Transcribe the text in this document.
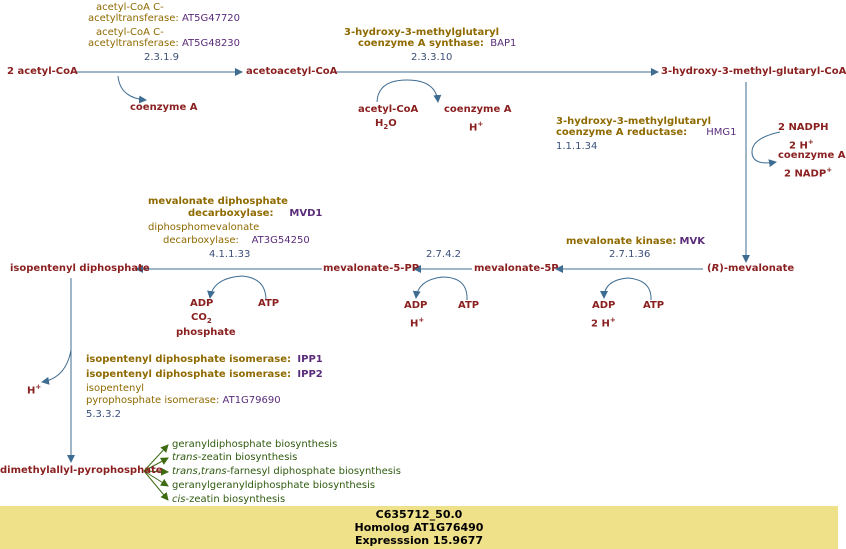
2 acetyl-CoA	acetoacetyl-CoA	3-hydroxy-3-methyl-glutaryl-CoA
coenzyme A	acetyl-CoA
$H_2O$
coenzyme A
H+	2 NADPH
2 H+
coenzyme A
2 NADP+
(R)-mevalonate
mevalonate-5P
mevalonate-5-PP
isopentenyl diphosphate
ADP
2 H+
ATP
ADP
H+
ATP
ADP
$CO_2$
phosphate
ATP
H+
dimethylallyl-pyrophosphate
acetyl-CoA C-
acetyltransferase: AT5G47720
acetyl-CoA C-
acetyltransferase: AT5G48230
2.3.1.9
3-hydroxy-3-methylglutaryl
coenzyme A synthase: BAP1
2.3.3.10
3-hydroxy-3-methylglutaryl
coenzyme A reductase: HMG1
1.1.1.34
mevalonate kinase: MVK
2.7.1.36
2.7.4.2
mevalonate diphosphate
decarboxylase: MVD1
diphosphomevalonate
decarboxylase: AT3G54250
4.1.1.33
isopentenyl diphosphate isomerase: IPP1
isopentenyl diphosphate isomerase: IPP2
isopentenyl
pyrophosphate isomerase: AT1G79690
5.3.3.2
geranyldiphosphate biosynthesis
trans-zeatin biosynthesis
trans,trans-farnesyl diphosphate biosynthesis
geranylgeranyldiphosphate biosynthesis
cis-zeatin biosynthesis
C635712_50.0
Homolog AT1G76490
Expresssion 15.9677
